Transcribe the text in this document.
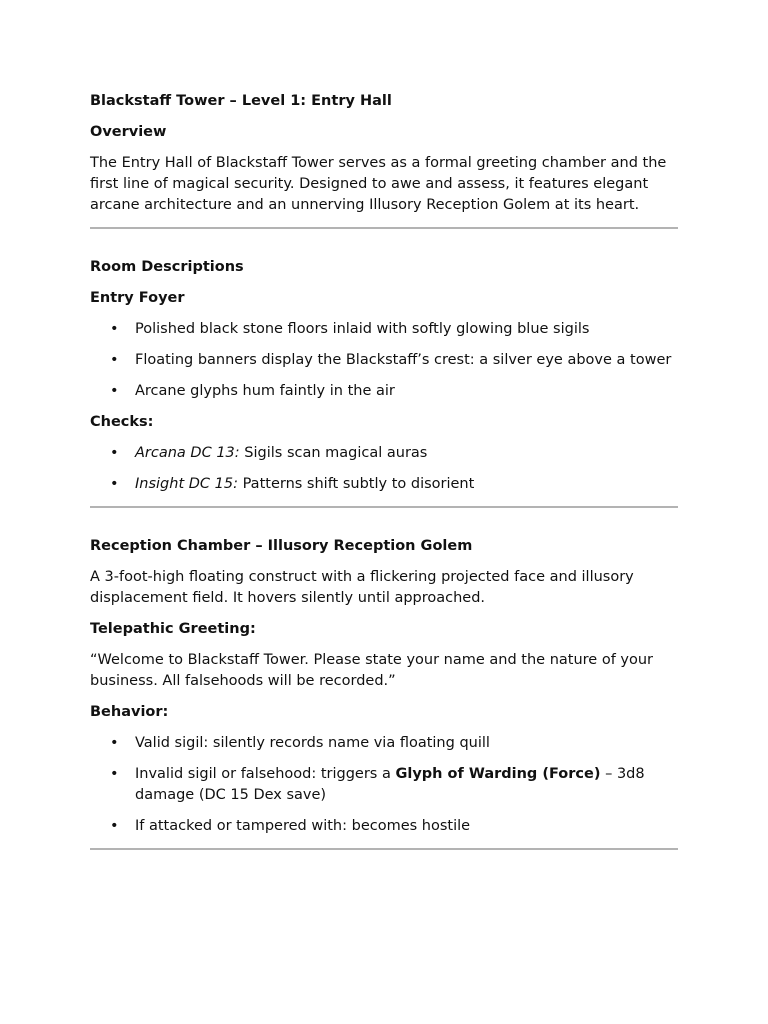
Blackstaff Tower – Level 1: Entry Hall
Overview
The Entry Hall of Blackstaff Tower serves as a formal greeting chamber and the first line of magical security. Designed to awe and assess, it features elegant arcane architecture and an unnerving Illusory Reception Golem at its heart.
Room Descriptions
Entry Foyer
• Polished black stone floors inlaid with softly glowing blue sigils
• Floating banners display the Blackstaff’s crest: a silver eye above a tower
• Arcane glyphs hum faintly in the air
Checks:
• Arcana DC 13: Sigils scan magical auras
• Insight DC 15: Patterns shift subtly to disorient
Reception Chamber – Illusory Reception Golem
A 3-foot-high floating construct with a flickering projected face and illusory displacement field. It hovers silently until approached.
Telepathic Greeting:
“Welcome to Blackstaff Tower. Please state your name and the nature of your business. All falsehoods will be recorded.”
Behavior:
• Valid sigil: silently records name via floating quill
• Invalid sigil or falsehood: triggers a Glyph of Warding (Force) – 3d8 damage (DC 15 Dex save)
• If attacked or tampered with: becomes hostile
